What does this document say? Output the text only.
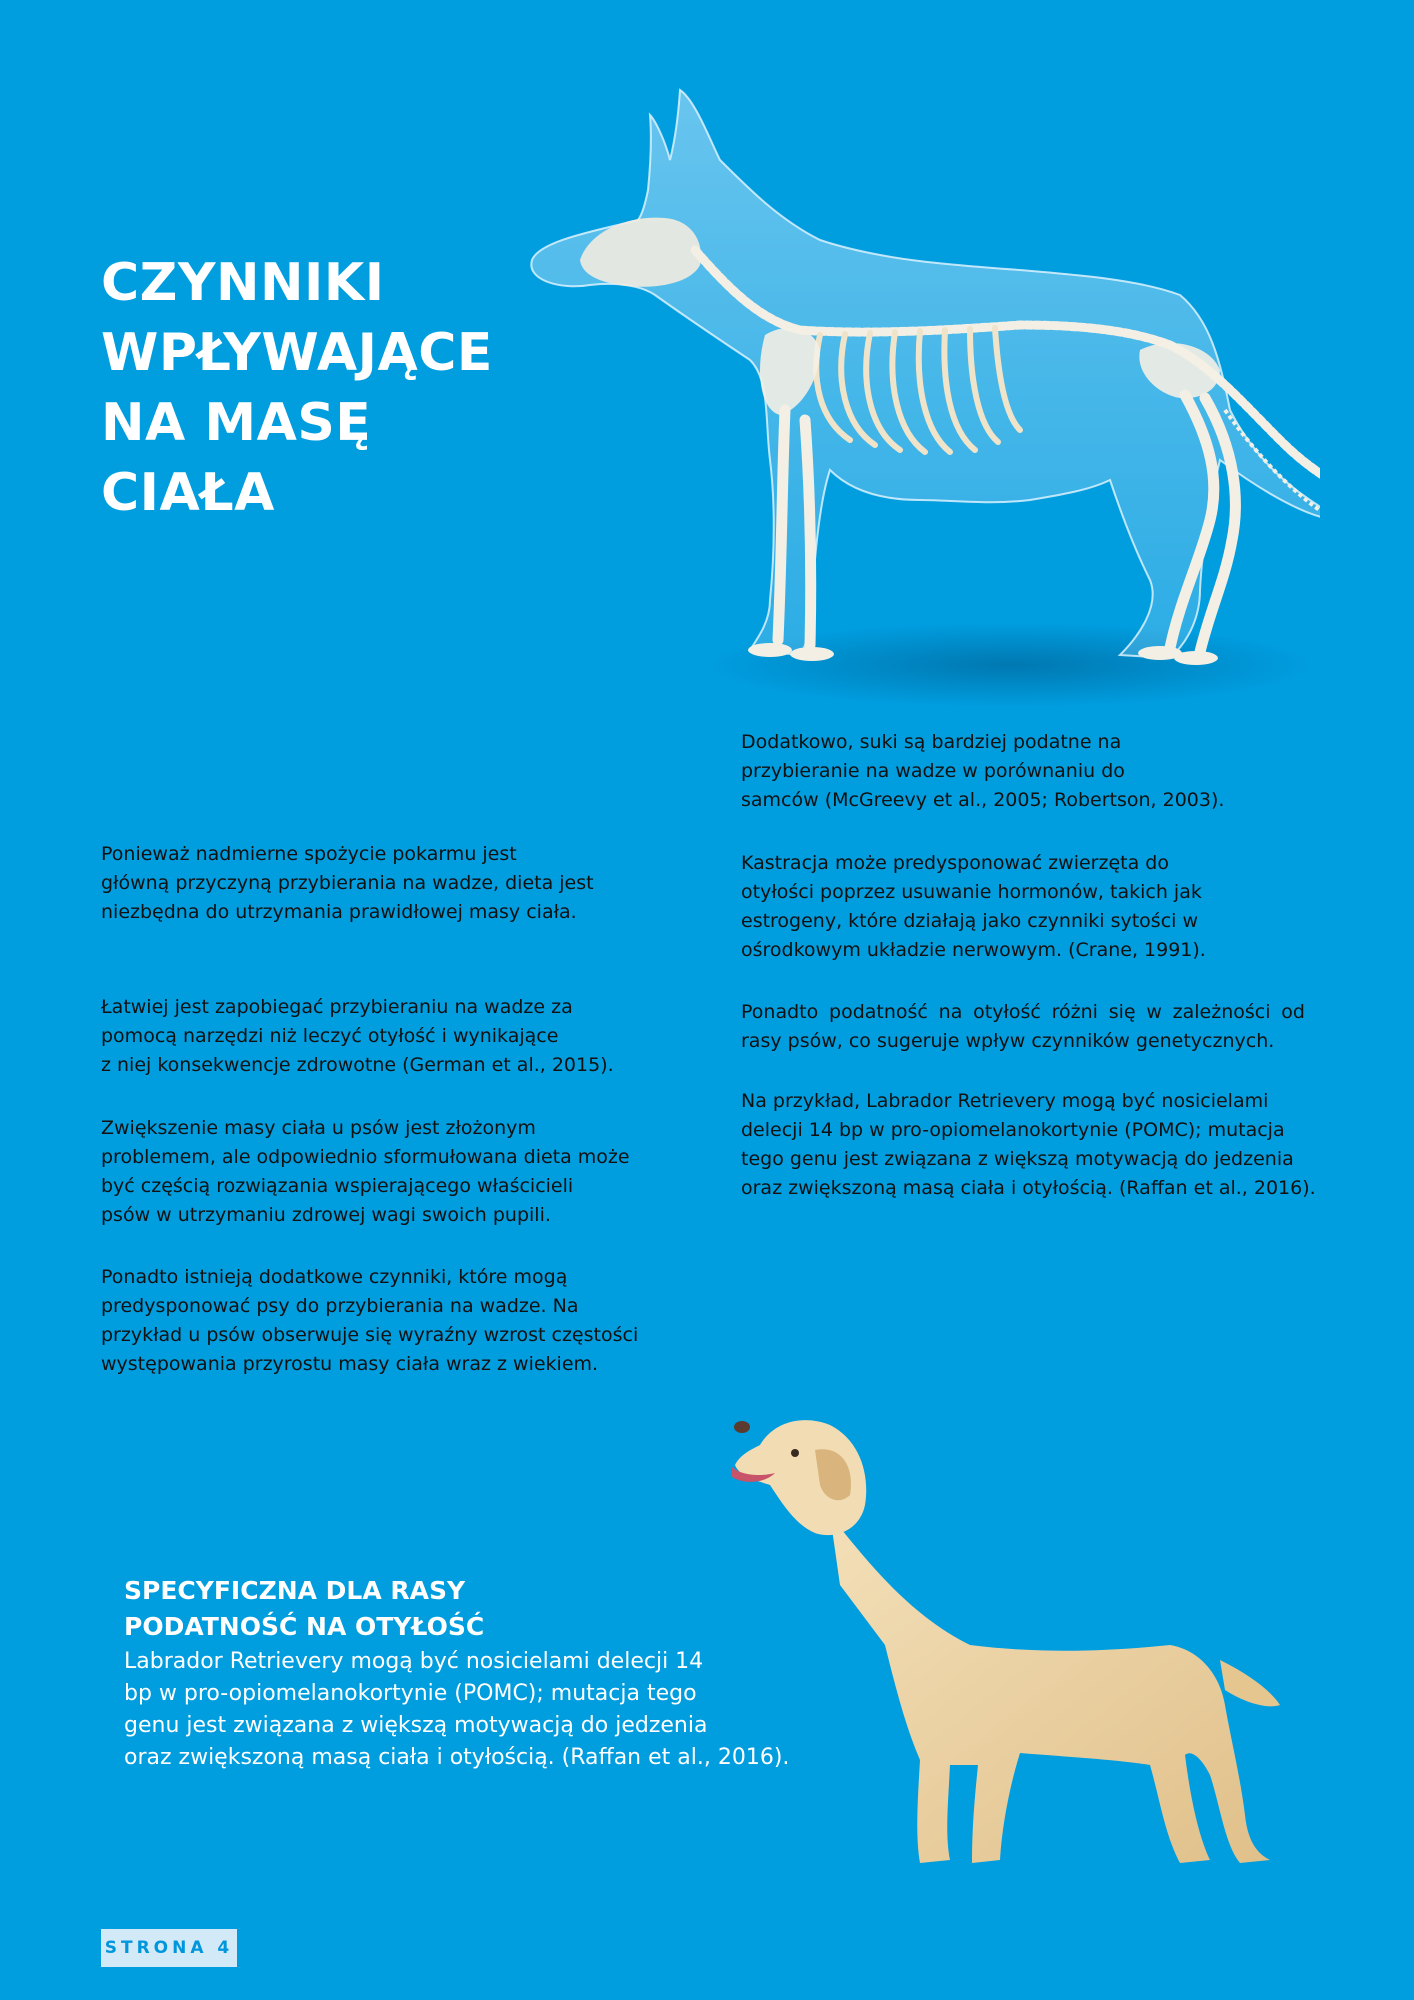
CZYNNIKI
WPŁYWAJĄCE
NA MASĘ
CIAŁA

Ponieważ nadmierne spożycie pokarmu jest
główną przyczyną przybierania na wadze, dieta jest
niezbędna do utrzymania prawidłowej masy ciała.

Łatwiej jest zapobiegać przybieraniu na wadze za
pomocą narzędzi niż leczyć otyłość i wynikające
z niej konsekwencje zdrowotne (German et al., 2015).

Zwiększenie masy ciała u psów jest złożonym
problemem, ale odpowiednio sformułowana dieta może
być częścią rozwiązania wspierającego właścicieli
psów w utrzymaniu zdrowej wagi swoich pupili.

Ponadto istnieją dodatkowe czynniki, które mogą
predysponować psy do przybierania na wadze. Na
przykład u psów obserwuje się wyraźny wzrost częstości
występowania przyrostu masy ciała wraz z wiekiem.

Dodatkowo, suki są bardziej podatne na
przybieranie na wadze w porównaniu do
samców (McGreevy et al., 2005; Robertson, 2003).

Kastracja może predysponować zwierzęta do
otyłości poprzez usuwanie hormonów, takich jak
estrogeny, które działają jako czynniki sytości w
ośrodkowym układzie nerwowym. (Crane, 1991).

Ponadto podatność na otyłość różni się w zależności od rasy psów, co sugeruje wpływ czynników genetycznych.

Na przykład, Labrador Retrievery mogą być nosicielami
delecji 14 bp w pro-opiomelanokortynie (POMC); mutacja
tego genu jest związana z większą motywacją do jedzenia
oraz zwiększoną masą ciała i otyłością. (Raffan et al., 2016).

SPECYFICZNA DLA RASY
PODATNOŚĆ NA OTYŁOŚĆ

Labrador Retrievery mogą być nosicielami delecji 14
bp w pro-opiomelanokortynie (POMC); mutacja tego
genu jest związana z większą motywacją do jedzenia
oraz zwiększoną masą ciała i otyłością. (Raffan et al., 2016).

STRONA 4
